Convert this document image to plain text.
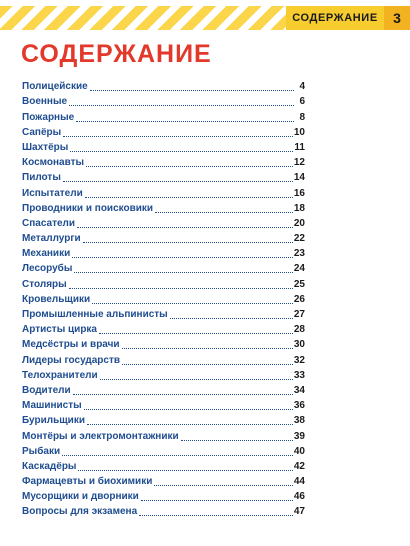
СОДЕРЖАНИЕ	3
СОДЕРЖАНИЕ
Полицейские	4
Военные	6
Пожарные	8
Сапёры	10
Шахтёры	11
Космонавты	12
Пилоты	14
Испытатели	16
Проводники и поисковики	18
Спасатели	20
Металлурги	22
Механики	23
Лесорубы	24
Столяры	25
Кровельщики	26
Промышленные альпинисты	27
Артисты цирка	28
Медсёстры и врачи	30
Лидеры государств	32
Телохранители	33
Водители	34
Машинисты	36
Бурильщики	38
Монтёры и электромонтажники	39
Рыбаки	40
Каскадёры	42
Фармацевты и биохимики	44
Мусорщики и дворники	46
Вопросы для экзамена	47
